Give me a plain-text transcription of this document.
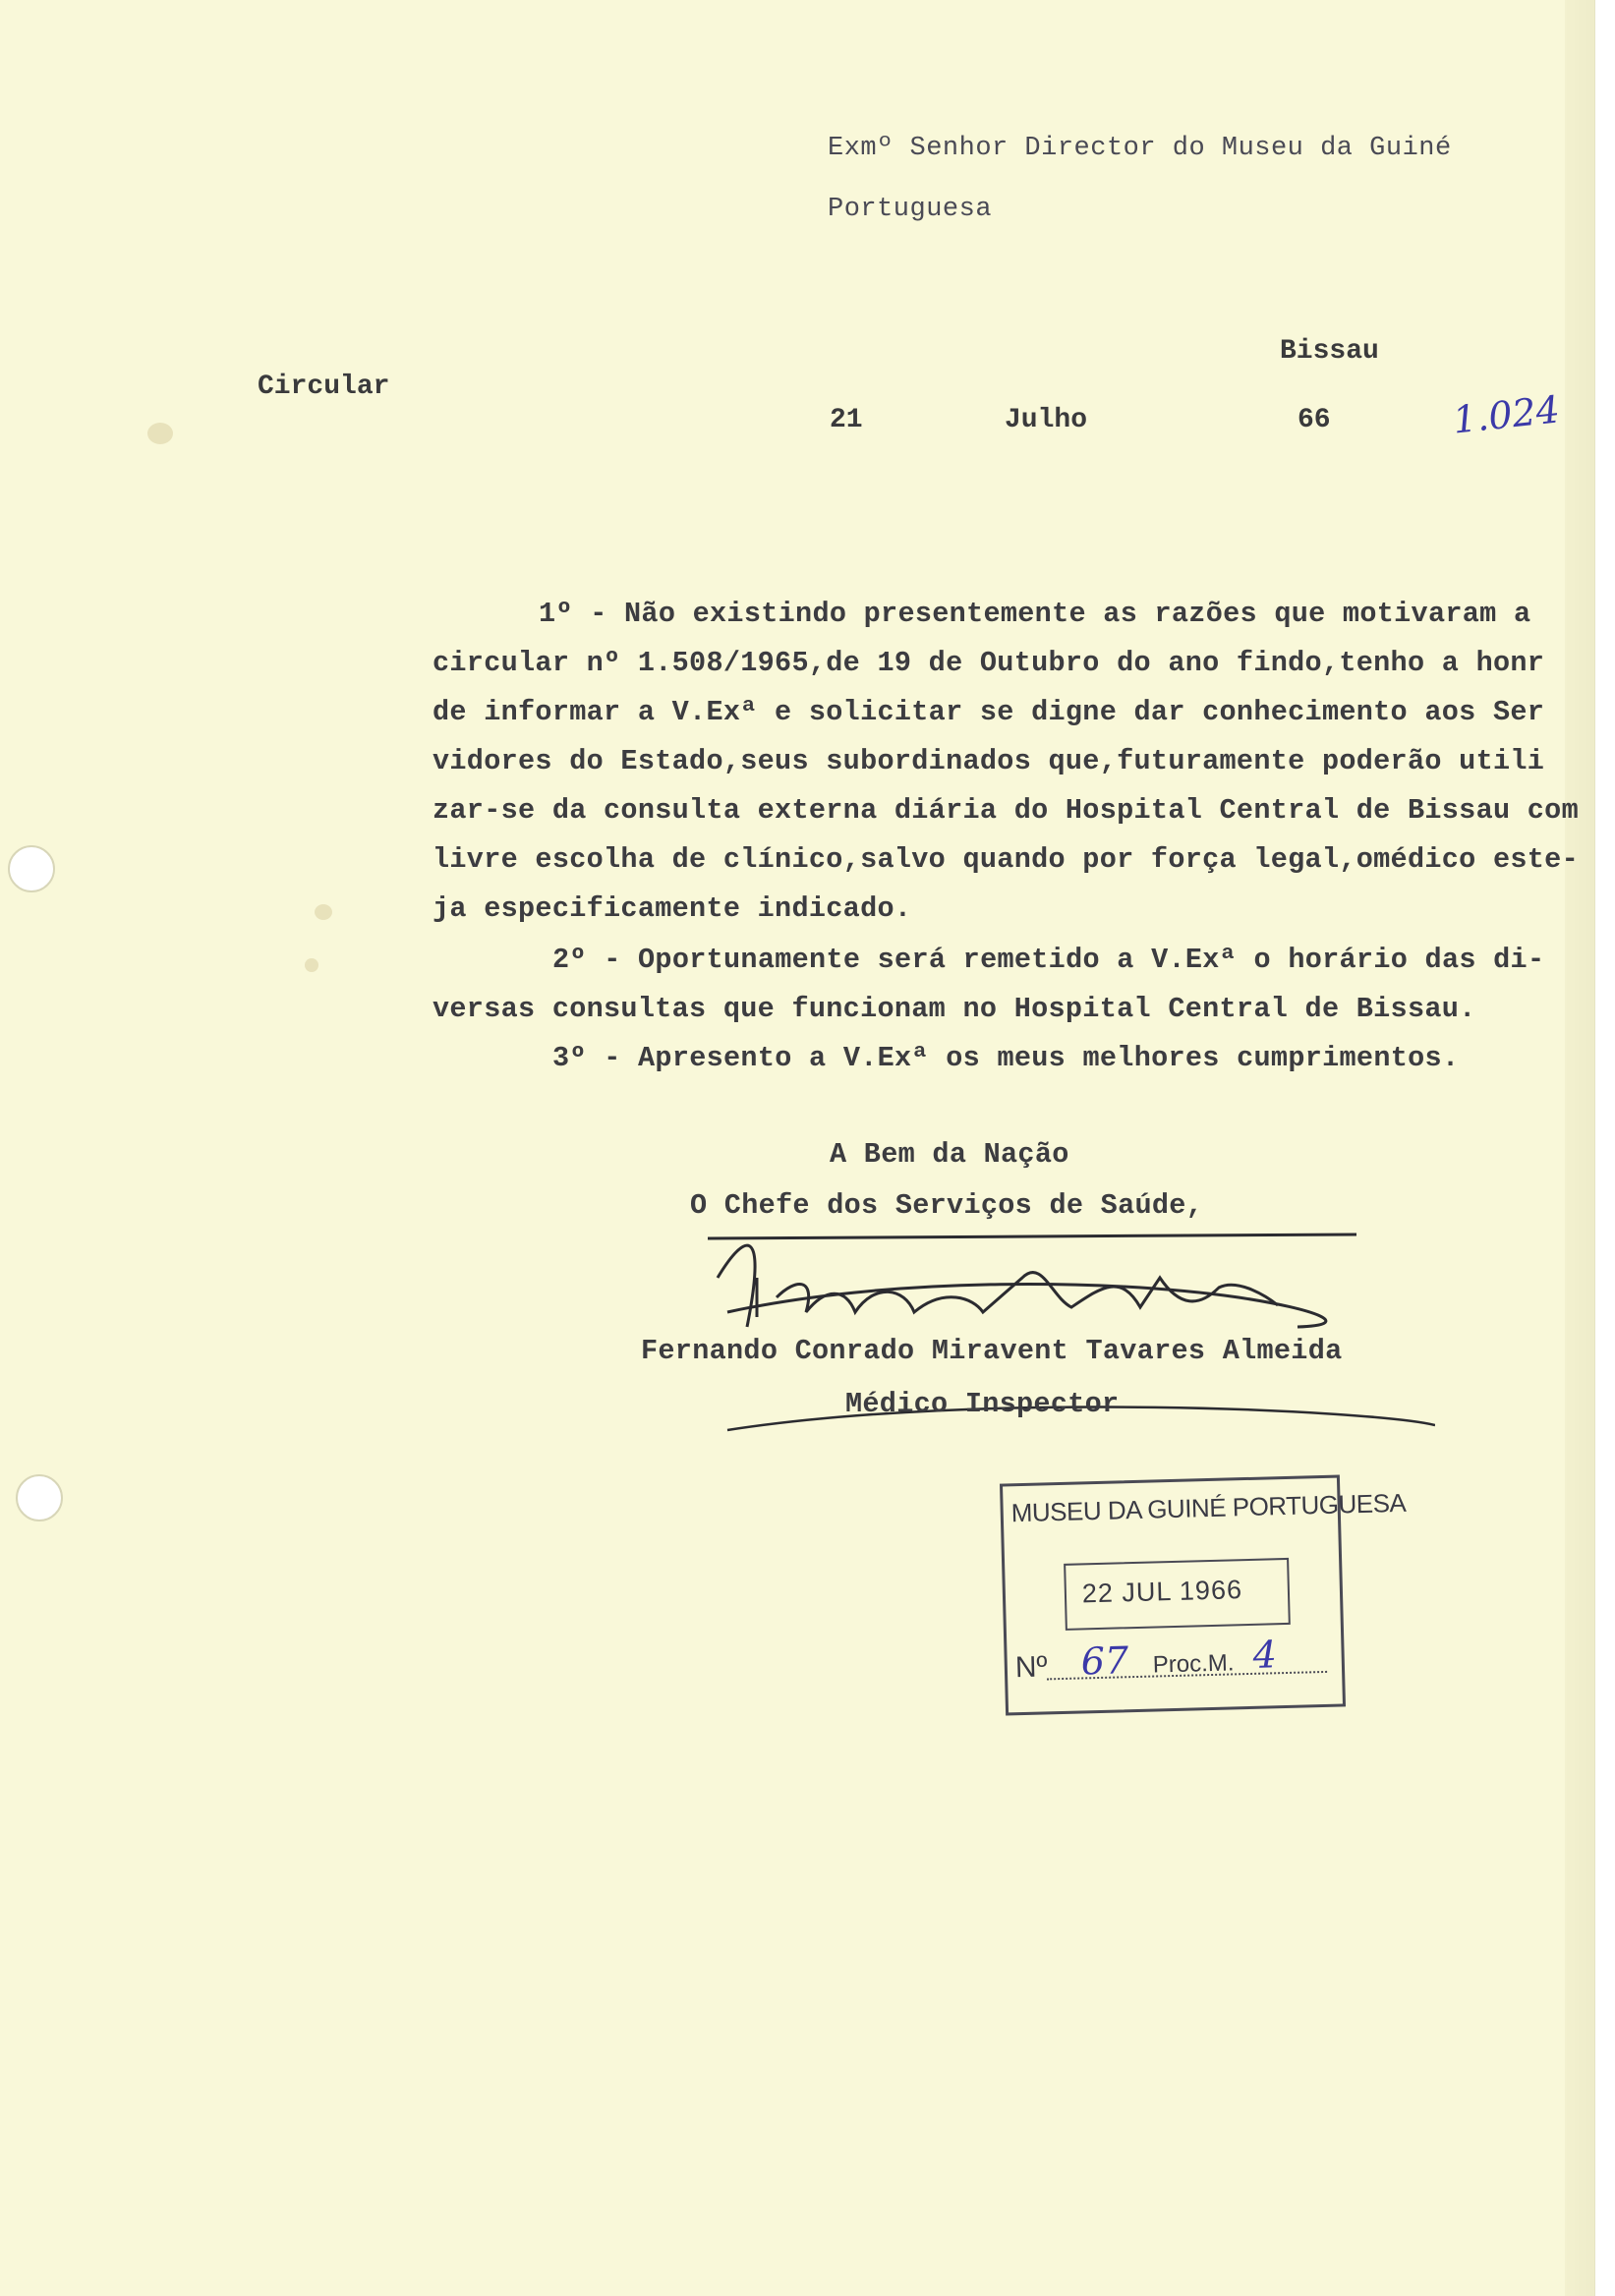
Exmº Senhor Director do Museu da Guiné
Portuguesa
Circular
Bissau
21	Julho	66	1.024
1º - Não existindo presentemente as razões que motivaram a
circular nº 1.508/1965,de 19 de Outubro do ano findo,tenho a honr
de informar a V.Exª e solicitar se digne dar conhecimento aos Ser
vidores do Estado,seus subordinados que,futuramente poderão utili
zar-se da consulta externa diária do Hospital Central de Bissau com
livre escolha de clínico,salvo quando por força legal,omédico este-
ja especificamente indicado.
2º - Oportunamente será remetido a V.Exª o horário das di-
versas consultas que funcionam no Hospital Central de Bissau.
3º - Apresento a V.Exª os meus melhores cumprimentos.
A Bem da Nação
O Chefe dos Serviços de Saúde,
Fernando Conrado Miravent Tavares Almeida
Médico Inspector
MUSEU DA GUINÉ PORTUGUESA
22 JUL 1966
Nº 67 Proc.M. 4
